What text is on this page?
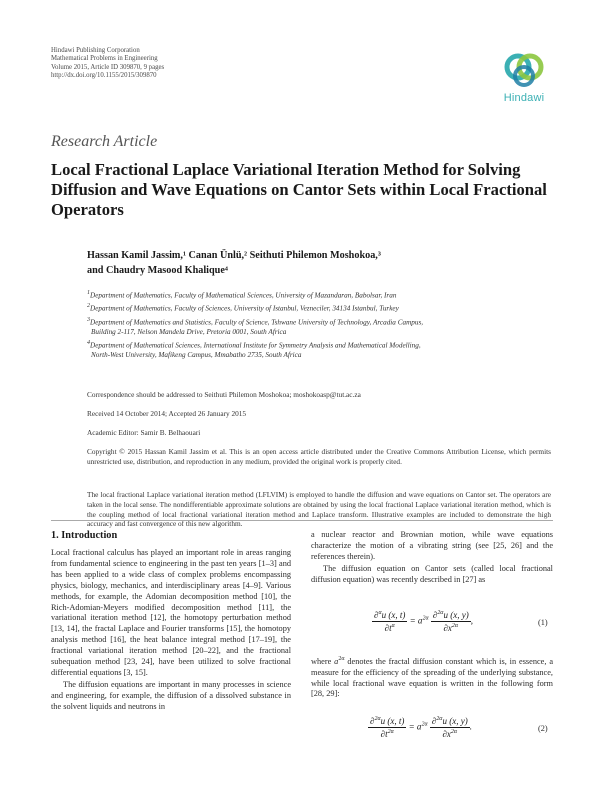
Hindawi Publishing Corporation
Mathematical Problems in Engineering
Volume 2015, Article ID 309870, 9 pages
http://dx.doi.org/10.1155/2015/309870
Hindawi
Research Article
Local Fractional Laplace Variational Iteration Method for Solving Diffusion and Wave Equations on Cantor Sets within Local Fractional Operators
Hassan Kamil Jassim,¹ Canan Ünlü,² Seithuti Philemon Moshokoa,³
and Chaudry Masood Khalique⁴
$^1$Department of Mathematics, Faculty of Mathematical Sciences, University of Mazandaran, Babolsar, Iran
$^2$Department of Mathematics, Faculty of Sciences, University of Istanbul, Vezneciler, 34134 Istanbul, Turkey
$^3$Department of Mathematics and Statistics, Faculty of Science, Tshwane University of Technology, Arcadia Campus,
Building 2-117, Nelson Mandela Drive, Pretoria 0001, South Africa
$^4$Department of Mathematical Sciences, International Institute for Symmetry Analysis and Mathematical Modelling,
North-West University, Mafikeng Campus, Mmabatho 2735, South Africa
Correspondence should be addressed to Seithuti Philemon Moshokoa; moshokoasp@tut.ac.za
Received 14 October 2014; Accepted 26 January 2015
Academic Editor: Samir B. Belhaouari
Copyright © 2015 Hassan Kamil Jassim et al. This is an open access article distributed under the Creative Commons Attribution License, which permits unrestricted use, distribution, and reproduction in any medium, provided the original work is properly cited.
The local fractional Laplace variational iteration method (LFLVIM) is employed to handle the diffusion and wave equations on Cantor set. The operators are taken in the local sense. The nondifferentiable approximate solutions are obtained by using the local fractional Laplace variational iteration method, which is the coupling method of local fractional variational iteration method and Laplace transform. Illustrative examples are included to demonstrate the high accuracy and fast convergence of this new algorithm.
1. Introduction

Local fractional calculus has played an important role in areas ranging from fundamental science to engineering in the past ten years [1–3] and has been applied to a wide class of complex problems encompassing physics, biology, mechanics, and interdisciplinary areas [4–9]. Various methods, for example, the Adomian decomposition method [10], the Rich-Adomian-Meyers modified decomposition method [11], the variational iteration method [12], the homotopy perturbation method [13, 14], the fractal Laplace and Fourier transforms [15], the homotopy analysis method [16], the heat balance integral method [17–19], the fractional variational iteration method [20–22], and the fractional subequation method [23, 24], have been utilized to solve fractional differential equations [3, 15].

The diffusion equations are important in many processes in science and engineering, for example, the diffusion of a dissolved substance in the solvent liquids and neutrons in

a nuclear reactor and Brownian motion, while wave equations characterize the motion of a vibrating string (see [25, 26] and the references therein).

The diffusion equation on Cantor sets (called local fractional diffusion equation) was recently described in [27] as

$\frac{\partial^\alpha u (x, t)}{\partial t^\alpha} = a^{2\alpha} \frac{\partial^{2\alpha}u (x, y)}{\partial x^{2\alpha}}$ ,	(1)

where $a^{2\alpha}$ denotes the fractal diffusion constant which is, in essence, a measure for the efficiency of the spreading of the underlying substance, while local fractional wave equation is written in the following form [28, 29]:

$\frac{\partial^{2\alpha}u (x, t)}{\partial t^{2\alpha}} = a^{2\alpha} \frac{\partial^{2\alpha}u (x, y)}{\partial x^{2\alpha}}$ .	(2)
